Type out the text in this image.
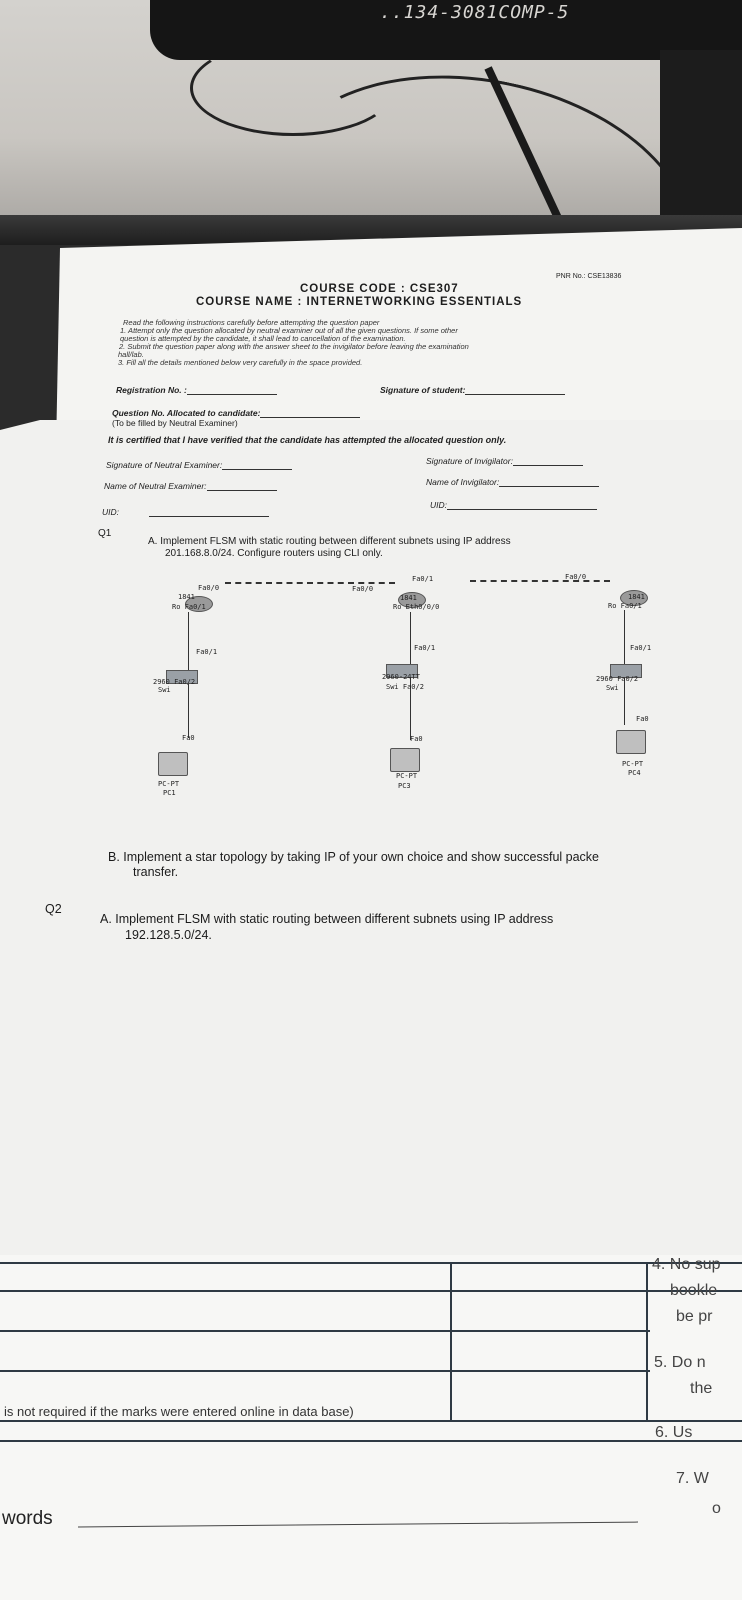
..134-3081COMP-5
PNR No.: CSE13836
COURSE CODE : CSE307
COURSE NAME : INTERNETWORKING ESSENTIALS
Read the following instructions carefully before attempting the question paper
1. Attempt only the question allocated by neutral examiner out of all the given questions. If some other
question is attempted by the candidate, it shall lead to cancellation of the examination.
2. Submit the question paper along with the answer sheet to the invigilator before leaving the examination
hall/lab.
3. Fill all the details mentioned below very carefully in the space provided.
Registration No. :	Signature of student:
Question No. Allocated to candidate:
(To be filled by Neutral Examiner)
It is certified that I have verified that the candidate has attempted the allocated question only.
Signature of Neutral Examiner:	Signature of Invigilator:
Name of Neutral Examiner:	Name of Invigilator:
UID:
UID:
Q1
A. Implement FLSM with static routing between different subnets using IP address
201.168.8.0/24. Configure routers using CLI only.
Fa0/0
1841
Ro Fa0/1
Fa0/0
Fa0/1
1841
Ro Eth0/0/0
Fa0/0
1841
Ro Fa0/1
Fa0/1
2960 Fa0/2
Swi
Fa0/1
2960-24TT
Swi Fa0/2
Fa0/1
2960 Fa0/2
Swi
Fa0
PC-PT
PC1
Fa0
PC-PT
PC3
Fa0
PC-PT
PC4
B. Implement a star topology by taking IP of your own choice and show successful packe
transfer.
Q2
A. Implement FLSM with static routing between different subnets using IP address
192.128.5.0/24.
4. No sup
bookle
be pr
5. Do n
the
6. Us
7. W
o
is not required if the marks were entered online in data base)
words
